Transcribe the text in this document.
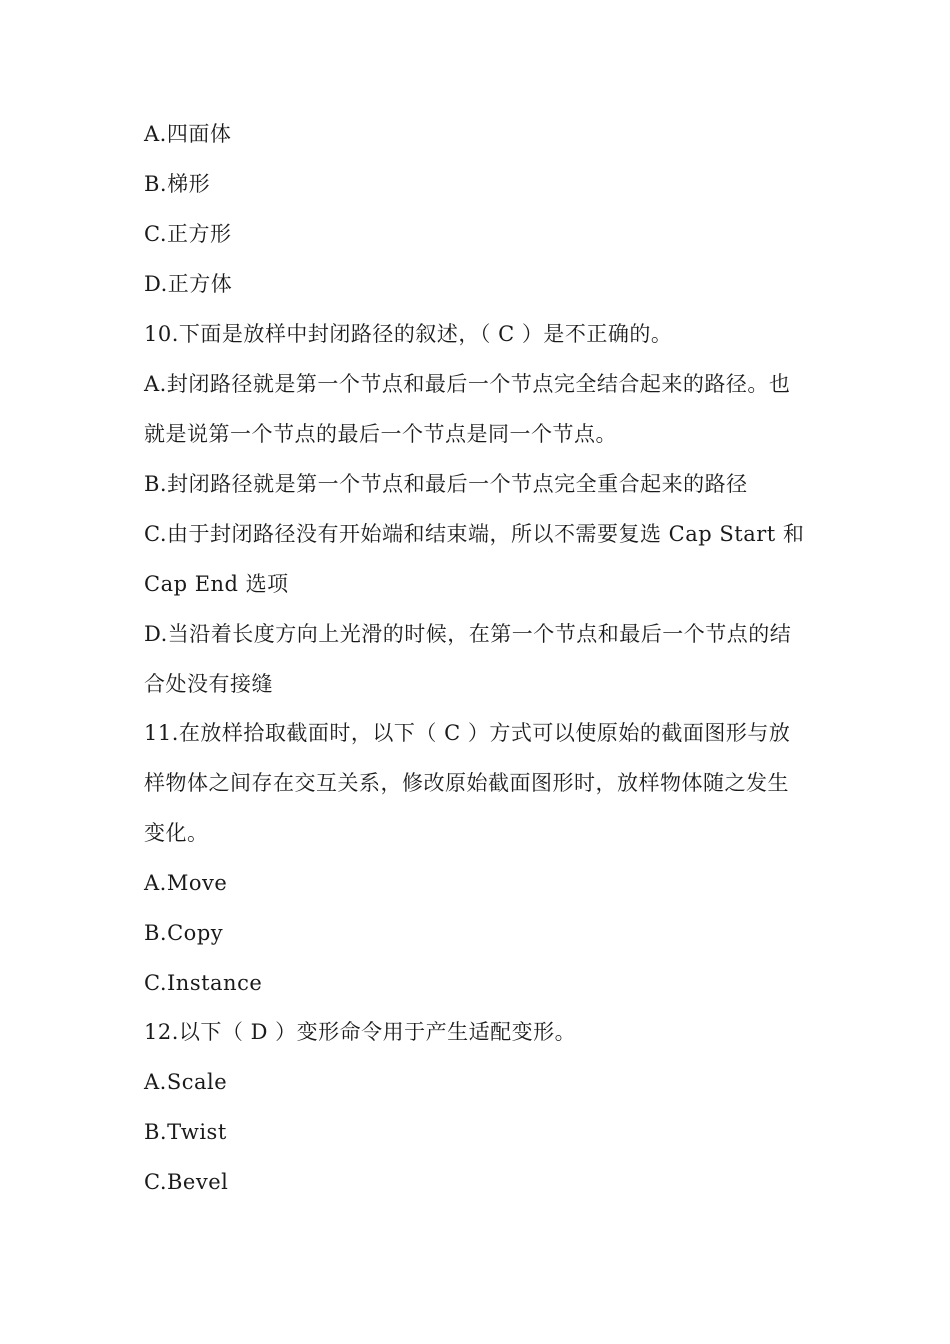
A.四面体
B.梯形
C.正方形
D.正方体
10.下面是放样中封闭路径的叙述，（ C ）是不正确的。
A.封闭路径就是第一个节点和最后一个节点完全结合起来的路径。也
就是说第一个节点的最后一个节点是同一个节点。
B.封闭路径就是第一个节点和最后一个节点完全重合起来的路径
C.由于封闭路径没有开始端和结束端，所以不需要复选 Cap Start 和
Cap End 选项
D.当沿着长度方向上光滑的时候，在第一个节点和最后一个节点的结
合处没有接缝
11.在放样拾取截面时，以下（ C ）方式可以使原始的截面图形与放
样物体之间存在交互关系，修改原始截面图形时，放样物体随之发生
变化。
A.Move
B.Copy
C.Instance
12.以下（ D ）变形命令用于产生适配变形。
A.Scale
B.Twist
C.Bevel
